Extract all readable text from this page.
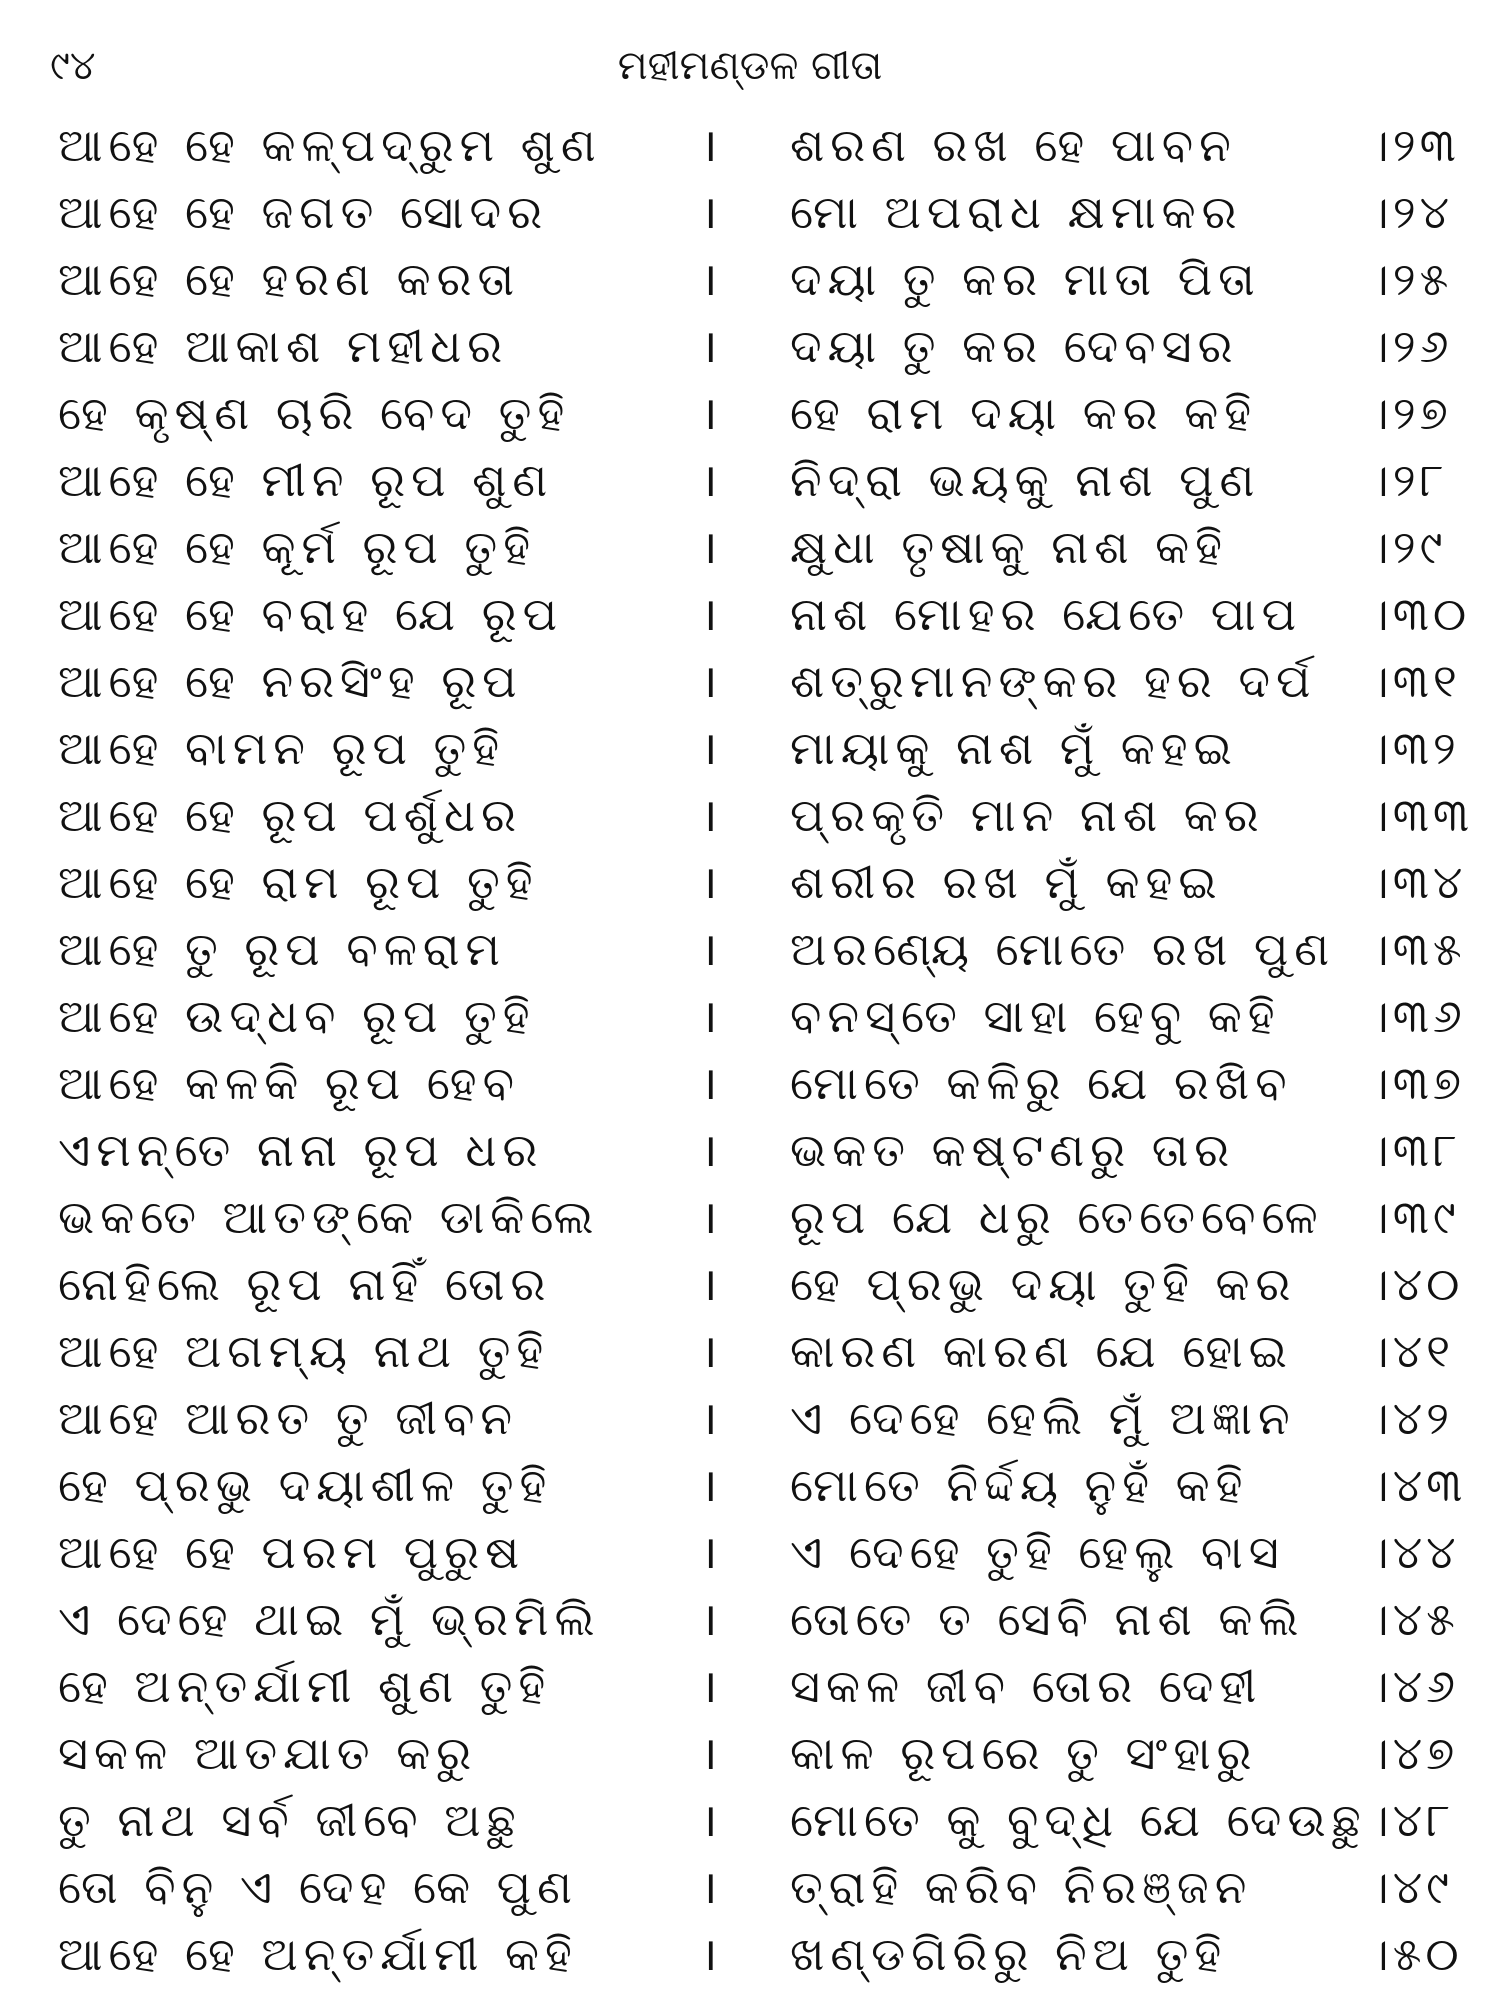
୯୪	ମହୀମଣ୍ଡଳ ଗୀତା
ଆହେ ହେ କଳ୍ପଦ୍ରୁମ ଶୁଣ । ଶରଣ ରଖ ହେ ପାବନ	।୨୩
ଆହେ ହେ ଜଗତ ସୋଦର	। ମୋ ଅପରାଧ କ୍ଷମାକର	।୨୪
ଆହେ ହେ ହରଣ କରତା	। ଦୟା ତୁ କର ମାତା ପିତା ।୨୫
ଆହେ ଆକାଶ ମହୀଧର	। ଦୟା ତୁ କର ଦେବସର	।୨୬
ହେ କୃଷ୍ଣ ଚାରି ବେଦ ତୁହି	। ହେ ରାମ ଦୟା କର କହି ।୨୭
ଆହେ ହେ ମୀନ ରୂପ ଶୁଣ	। ନିଦ୍ରା ଭୟକୁ ନାଶ ପୁଣ ।୨୮
ଆହେ ହେ କୂର୍ମ ରୂପ ତୁହି	। କ୍ଷୁଧା ତୃଷାକୁ ନାଶ କହି	।୨୯
ଆହେ ହେ ବରାହ ଯେ ରୂପ	। ନାଶ ମୋହର ଯେତେ ପାପ ।୩୦
ଆହେ ହେ ନରସିଂହ ରୂପ	। ଶତ୍ରୁମାନଙ୍କର ହର ଦର୍ପ ।୩୧
ଆହେ ବାମନ ରୂପ ତୁହି	। ମାୟାକୁ ନାଶ ମୁଁ କହଇ	।୩୨
ଆହେ ହେ ରୂପ ପର୍ଶୁଧର	। ପ୍ରକୃତି ମାନ ନାଶ କର ।୩୩
ଆହେ ହେ ରାମ ରୂପ ତୁହି	। ଶରୀର ରଖ ମୁଁ କହଇ	।୩୪
ଆହେ ତୁ ରୂପ ବଳରାମ	। ଅରଣ୍ୟେ ମୋତେ ରଖ ପୁଣ ।୩୫
ଆହେ ଉଦ୍ଧବ ରୂପ ତୁହି	। ବନସ୍ତେ ସାହା ହେବୁ କହି ।୩୬
ଆହେ କଳକି ରୂପ ହେବ	। ମୋତେ କଳିରୁ ଯେ ରଖିବ ।୩୭
ଏମନ୍ତେ ନାନା ରୂପ ଧର	। ଭକତ କଷ୍ଟଣରୁ ତାର	।୩୮
ଭକତେ ଆତଙ୍କେ ଡାକିଲେ । ରୂପ ଯେ ଧରୁ ତେତେବେଳେ ।୩୯
ନୋହିଲେ ରୂପ ନାହିଁ ତୋର	। ହେ ପ୍ରଭୁ ଦୟା ତୁହି କର ।୪୦
ଆହେ ଅଗମ୍ୟ ନାଥ ତୁହି	। କାରଣ କାରଣ ଯେ ହୋଇ ।୪୧
ଆହେ ଆରତ ତୁ ଜୀବନ	। ଏ ଦେହେ ହେଲି ମୁଁ ଅଜ୍ଞାନ ।୪୨
ହେ ପ୍ରଭୁ ଦୟାଶୀଳ ତୁହି	। ମୋତେ ନିର୍ଦ୍ଦୟ ନୁହଁ କହି	।୪୩
ଆହେ ହେ ପରମ ପୁରୁଷ	। ଏ ଦେହେ ତୁହି ହେଲୁ ବାସ ।୪୪
ଏ ଦେହେ ଥାଇ ମୁଁ ଭ୍ରମିଲି । ତୋତେ ତ ସେବି ନାଶ କଲି ।୪୫
ହେ ଅନ୍ତର୍ଯାମୀ ଶୁଣ ତୁହି	। ସକଳ ଜୀବ ତୋର ଦେହୀ ।୪୬
ସକଳ ଆତଯାତ କରୁ	। କାଳ ରୂପରେ ତୁ ସଂହାରୁ ।୪୭
ତୁ ନାଥ ସର୍ବ ଜୀବେ ଅଛୁ	। ମୋତେ କୁ ବୁଦ୍ଧି ଯେ ଦେଉଛୁ ।୪୮
ତୋ ବିନୁ ଏ ଦେହ କେ ପୁଣ	। ତ୍ରାହି କରିବ ନିରଞ୍ଜନ	।୪୯
ଆହେ ହେ ଅନ୍ତର୍ଯାମୀ କହି	। ଖଣ୍ଡଗିରିରୁ ନିଅ ତୁହି	।୫୦
